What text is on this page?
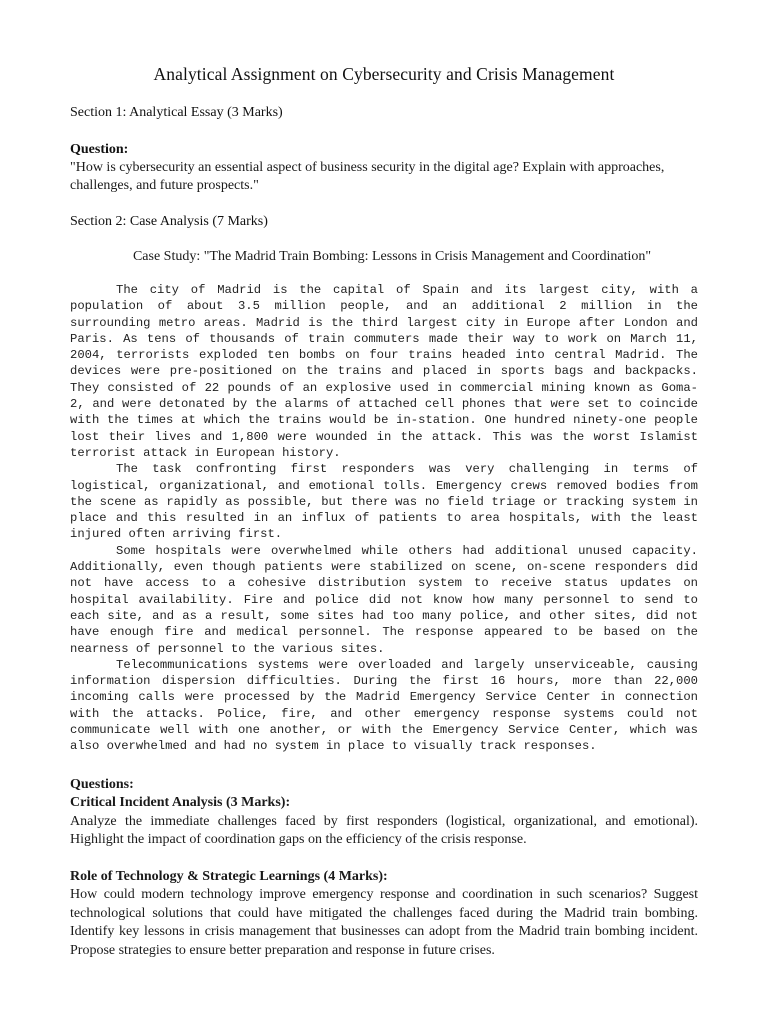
Analytical Assignment on Cybersecurity and Crisis Management
Section 1: Analytical Essay (3 Marks)
Question:

"How is cybersecurity an essential aspect of business security in the digital age? Explain with approaches, challenges, and future prospects."

Section 2: Case Analysis (7 Marks)

Case Study: "The Madrid Train Bombing: Lessons in Crisis Management and Coordination"

The city of Madrid is the capital of Spain and its largest city, with a population of about 3.5 million people, and an additional 2 million in the surrounding metro areas. Madrid is the third largest city in Europe after London and Paris. As tens of thousands of train commuters made their way to work on March 11, 2004, terrorists exploded ten bombs on four trains headed into central Madrid. The devices were pre-positioned on the trains and placed in sports bags and backpacks. They consisted of 22 pounds of an explosive used in commercial mining known as Goma-2, and were detonated by the alarms of attached cell phones that were set to coincide with the times at which the trains would be in-station. One hundred ninety-one people lost their lives and 1,800 were wounded in the attack. This was the worst Islamist terrorist attack in European history.

The task confronting first responders was very challenging in terms of logistical, organizational, and emotional tolls. Emergency crews removed bodies from the scene as rapidly as possible, but there was no field triage or tracking system in place and this resulted in an influx of patients to area hospitals, with the least injured often arriving first.

Some hospitals were overwhelmed while others had additional unused capacity. Additionally, even though patients were stabilized on scene, on-scene responders did not have access to a cohesive distribution system to receive status updates on hospital availability. Fire and police did not know how many personnel to send to each site, and as a result, some sites had too many police, and other sites, did not have enough fire and medical personnel. The response appeared to be based on the nearness of personnel to the various sites.

Telecommunications systems were overloaded and largely unserviceable, causing information dispersion difficulties. During the first 16 hours, more than 22,000 incoming calls were processed by the Madrid Emergency Service Center in connection with the attacks. Police, fire, and other emergency response systems could not communicate well with one another, or with the Emergency Service Center, which was also overwhelmed and had no system in place to visually track responses.

Questions:

Critical Incident Analysis (3 Marks):

Analyze the immediate challenges faced by first responders (logistical, organizational, and emotional). Highlight the impact of coordination gaps on the efficiency of the crisis response.

Role of Technology & Strategic Learnings (4 Marks):

How could modern technology improve emergency response and coordination in such scenarios? Suggest technological solutions that could have mitigated the challenges faced during the Madrid train bombing. Identify key lessons in crisis management that businesses can adopt from the Madrid train bombing incident. Propose strategies to ensure better preparation and response in future crises.
